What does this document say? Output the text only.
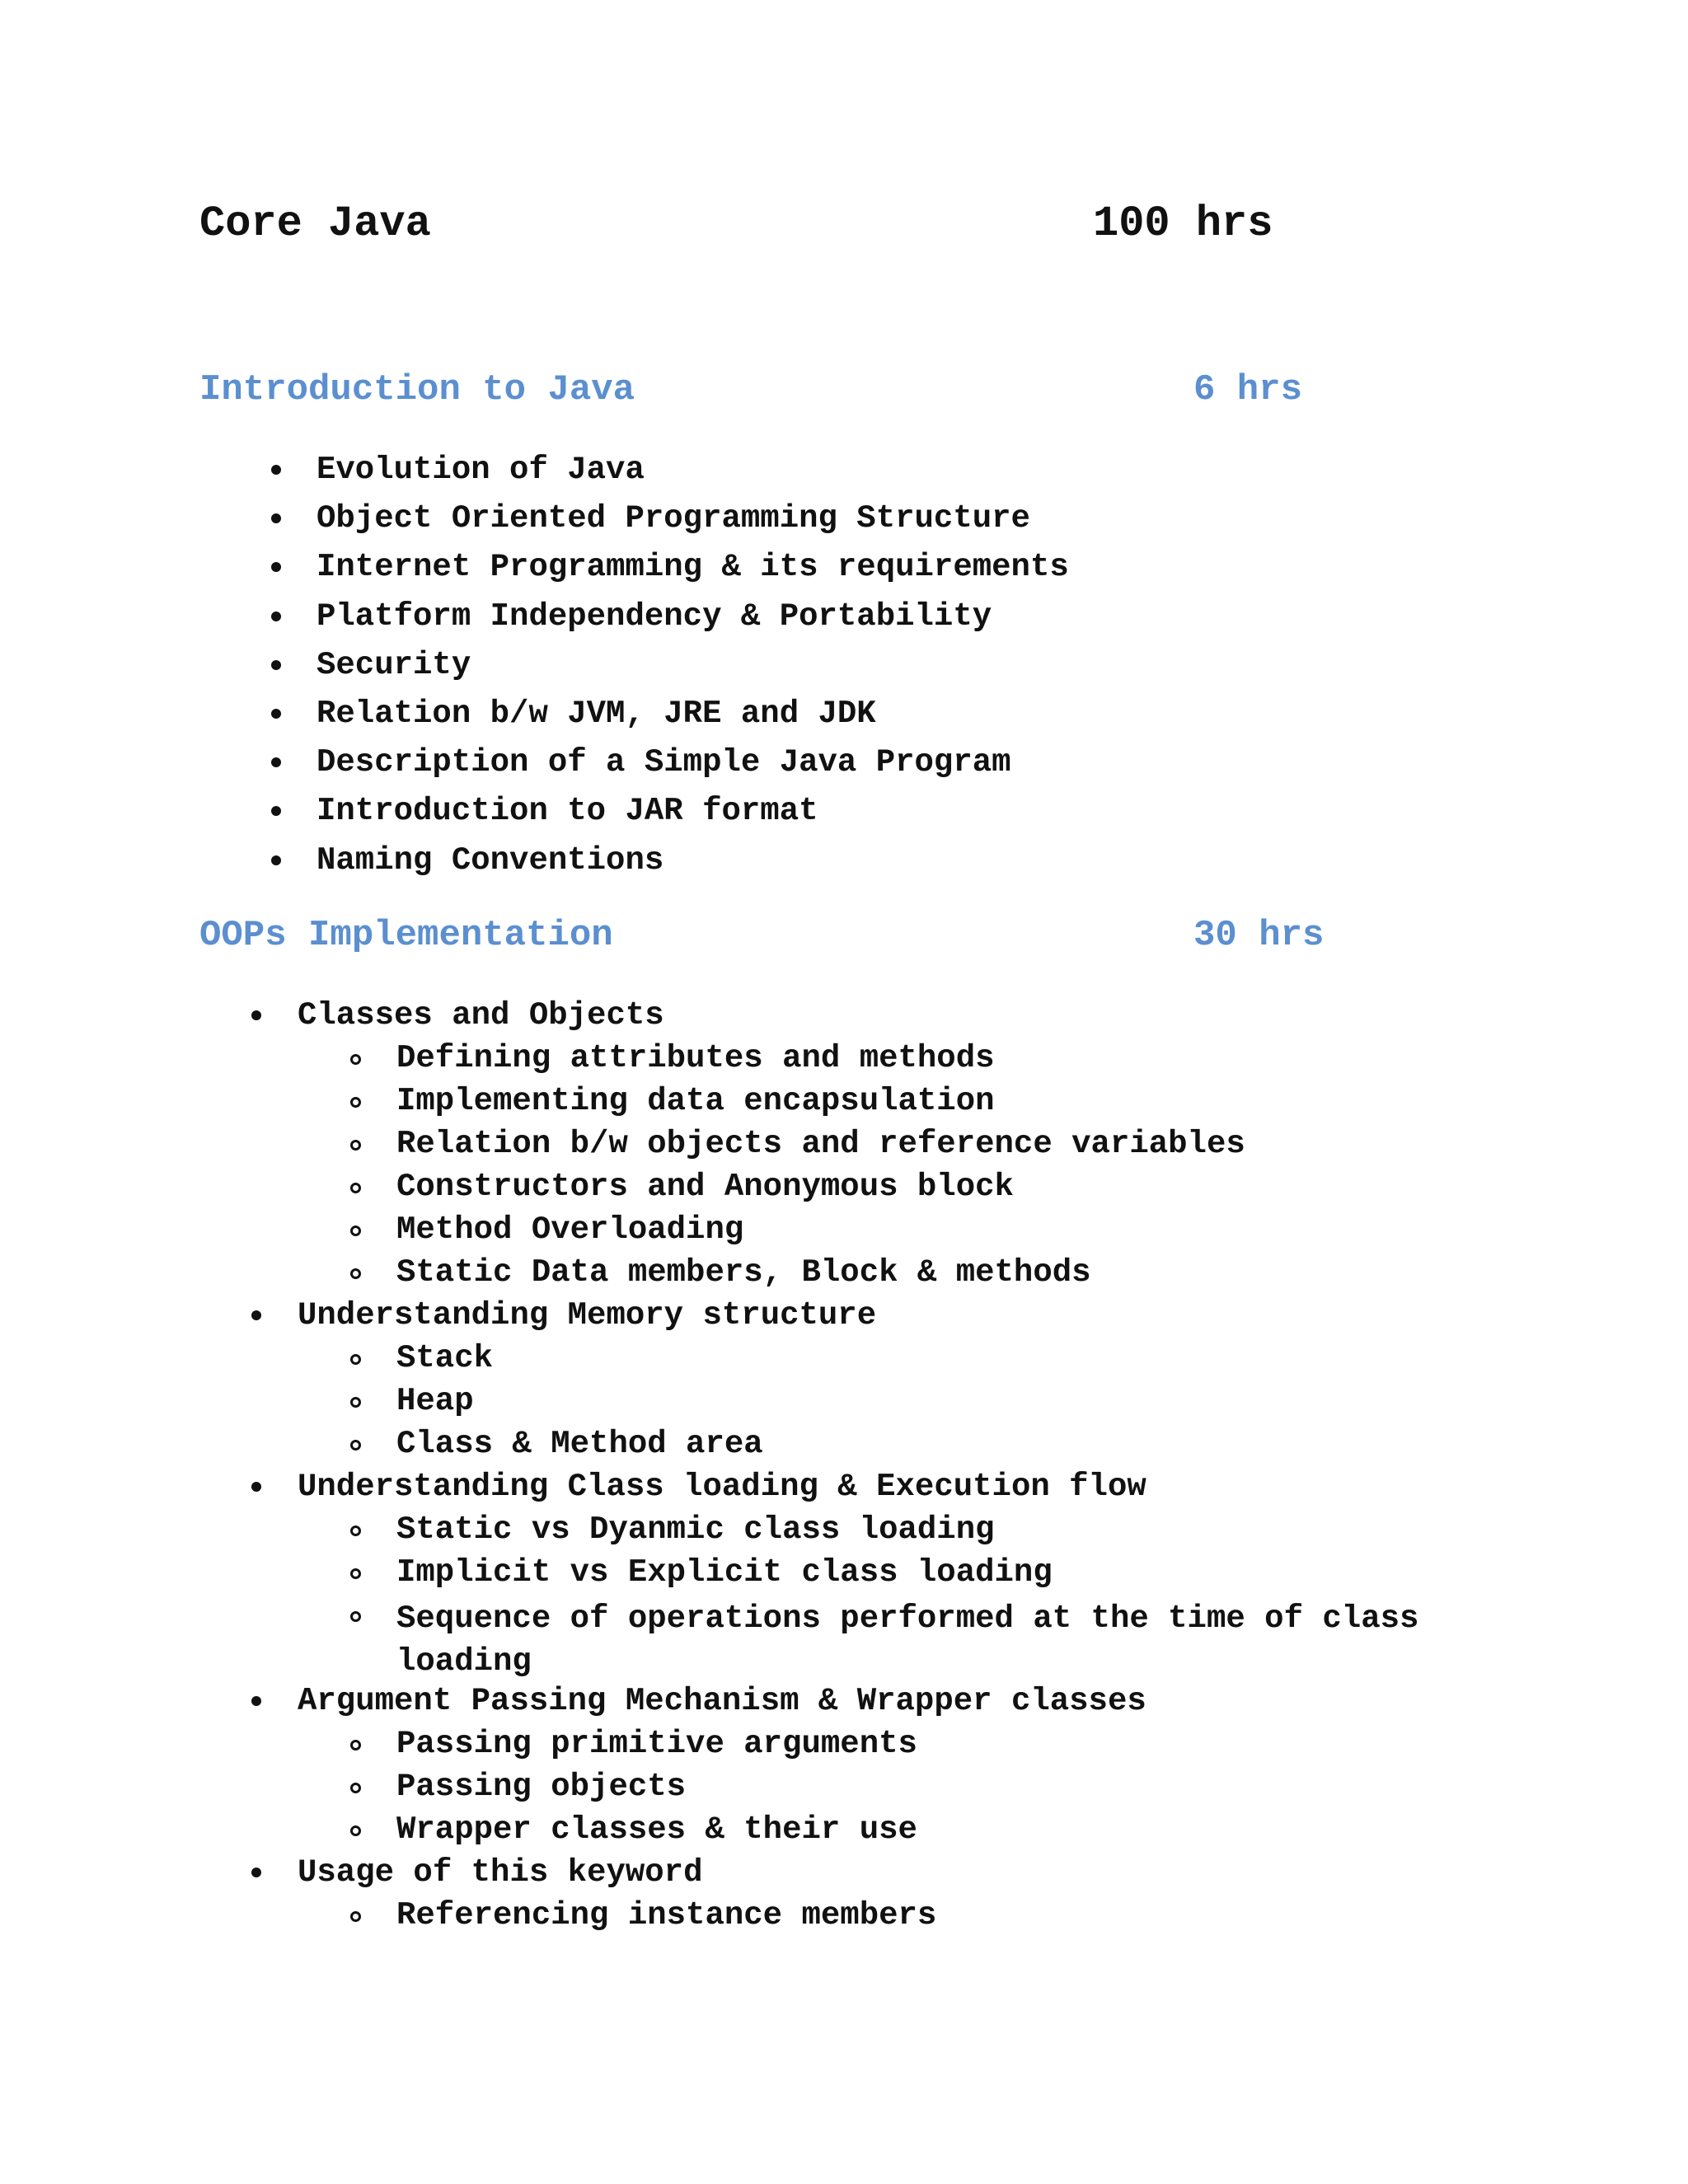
Core Java	100 hrs
Introduction to Java	6 hrs
Evolution of Java
Object Oriented Programming Structure
Internet Programming & its requirements
Platform Independency & Portability
Security
Relation b/w JVM, JRE and JDK
Description of a Simple Java Program
Introduction to JAR format
Naming Conventions
OOPs Implementation	30 hrs
Classes and Objects
Defining attributes and methods
Implementing data encapsulation
Relation b/w objects and reference variables
Constructors and Anonymous block
Method Overloading
Static Data members, Block & methods
Understanding Memory structure
Stack
Heap
Class & Method area
Understanding Class loading & Execution flow
Static vs Dyanmic class loading
Implicit vs Explicit class loading
Sequence of operations performed at the time of class loading
Argument Passing Mechanism & Wrapper classes
Passing primitive arguments
Passing objects
Wrapper classes & their use
Usage of this keyword
Referencing instance members
